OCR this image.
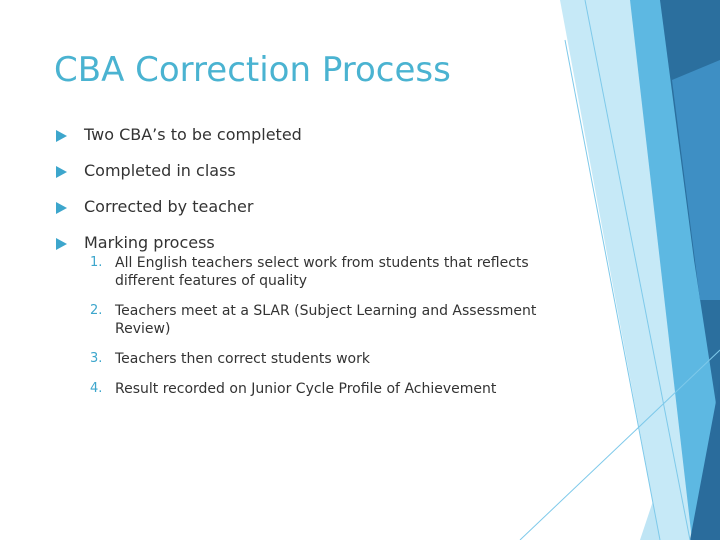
CBA Correction Process
Two CBA’s to be completed
Completed in class
Corrected by teacher
Marking process
1. All English teachers select work from students that reflects different features of quality
2. Teachers meet at a SLAR (Subject Learning and Assessment Review)
3. Teachers then correct students work
4. Result recorded on Junior Cycle Profile of Achievement
